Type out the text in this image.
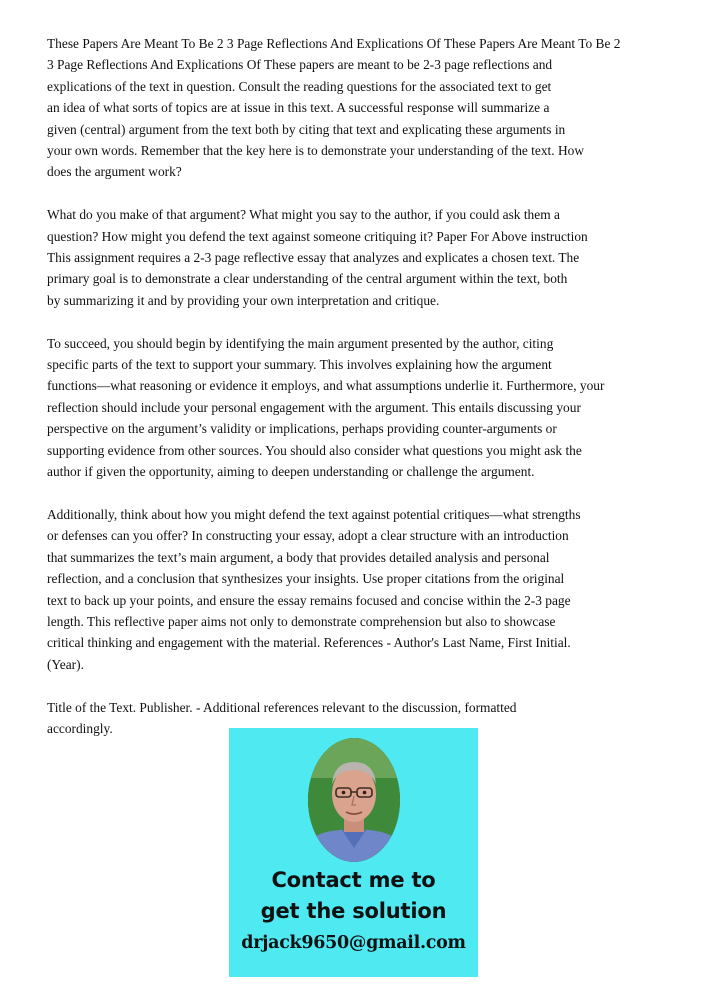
These Papers Are Meant To Be 2 3 Page Reflections And Explications Of These Papers Are Meant To Be 2
3 Page Reflections And Explications Of These papers are meant to be 2-3 page reflections and
explications of the text in question. Consult the reading questions for the associated text to get
an idea of what sorts of topics are at issue in this text. A successful response will summarize a
given (central) argument from the text both by citing that text and explicating these arguments in
your own words. Remember that the key here is to demonstrate your understanding of the text. How
does the argument work?
What do you make of that argument? What might you say to the author, if you could ask them a
question? How might you defend the text against someone critiquing it? Paper For Above instruction
This assignment requires a 2-3 page reflective essay that analyzes and explicates a chosen text. The
primary goal is to demonstrate a clear understanding of the central argument within the text, both
by summarizing it and by providing your own interpretation and critique.
To succeed, you should begin by identifying the main argument presented by the author, citing
specific parts of the text to support your summary. This involves explaining how the argument
functions—what reasoning or evidence it employs, and what assumptions underlie it. Furthermore, your
reflection should include your personal engagement with the argument. This entails discussing your
perspective on the argument’s validity or implications, perhaps providing counter-arguments or
supporting evidence from other sources. You should also consider what questions you might ask the
author if given the opportunity, aiming to deepen understanding or challenge the argument.
Additionally, think about how you might defend the text against potential critiques—what strengths
or defenses can you offer? In constructing your essay, adopt a clear structure with an introduction
that summarizes the text’s main argument, a body that provides detailed analysis and personal
reflection, and a conclusion that synthesizes your insights. Use proper citations from the original
text to back up your points, and ensure the essay remains focused and concise within the 2-3 page
length. This reflective paper aims not only to demonstrate comprehension but also to showcase
critical thinking and engagement with the material. References - Author's Last Name, First Initial.
(Year).
Title of the Text. Publisher. - Additional references relevant to the discussion, formatted
accordingly.
Contact me to
get the solution
drjack9650@gmail.com
